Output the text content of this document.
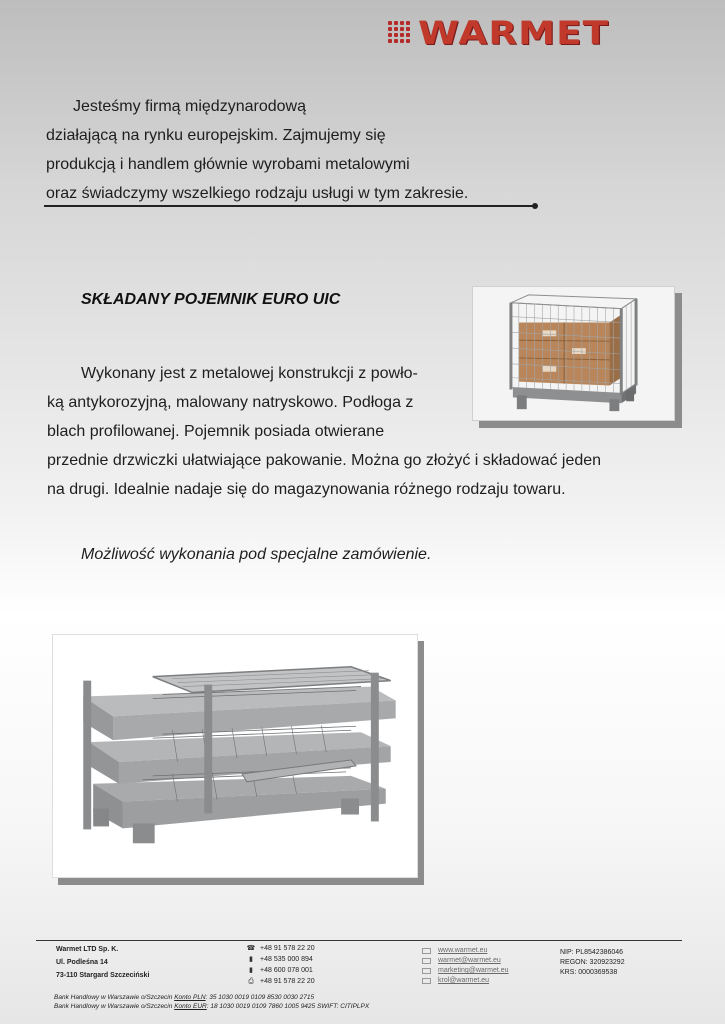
WARMET

Jesteśmy firmą międzynarodową

działającą na rynku europejskim. Zajmujemy się

produkcją i handlem głównie wyrobami metalowymi

oraz świadczymy wszelkiego rodzaju usługi w tym zakresie.

SKŁADANY POJEMNIK EURO UIC

Wykonany jest z metalowej konstrukcji z powło-

ką antykorozyjną, malowany natryskowo. Podłoga z

blach profilowanej. Pojemnik posiada otwierane

przednie drzwiczki ułatwiające pakowanie. Można go złożyć i składować jeden

na drugi. Idealnie nadaje się do magazynowania różnego rodzaju towaru.

Możliwość wykonania pod specjalne zamówienie.
Warmet LTD Sp. K.
Ul. Podleśna 14
73-110 Stargard Szczeciński
☎ +48 91 578 22 20
▮	+48 535 000 894
▮	+48 600 078 001
⎙ +48 91 578 22 20
www.warmet.eu
warmet@warmet.eu
marketing@warmet.eu
krol@warmet.eu
NIP: PL8542386046
REGON: 320923292
KRS: 0000369538
Bank Handlowy w Warszawie o/Szczecin Konto PLN: 35 1030 0019 0109 8530 0030 2715
Bank Handlowy w Warszawie o/Szczecin Konto EUR: 18 1030 0019 0109 7860 1005 9425 SWIFT: CITIPLPX
